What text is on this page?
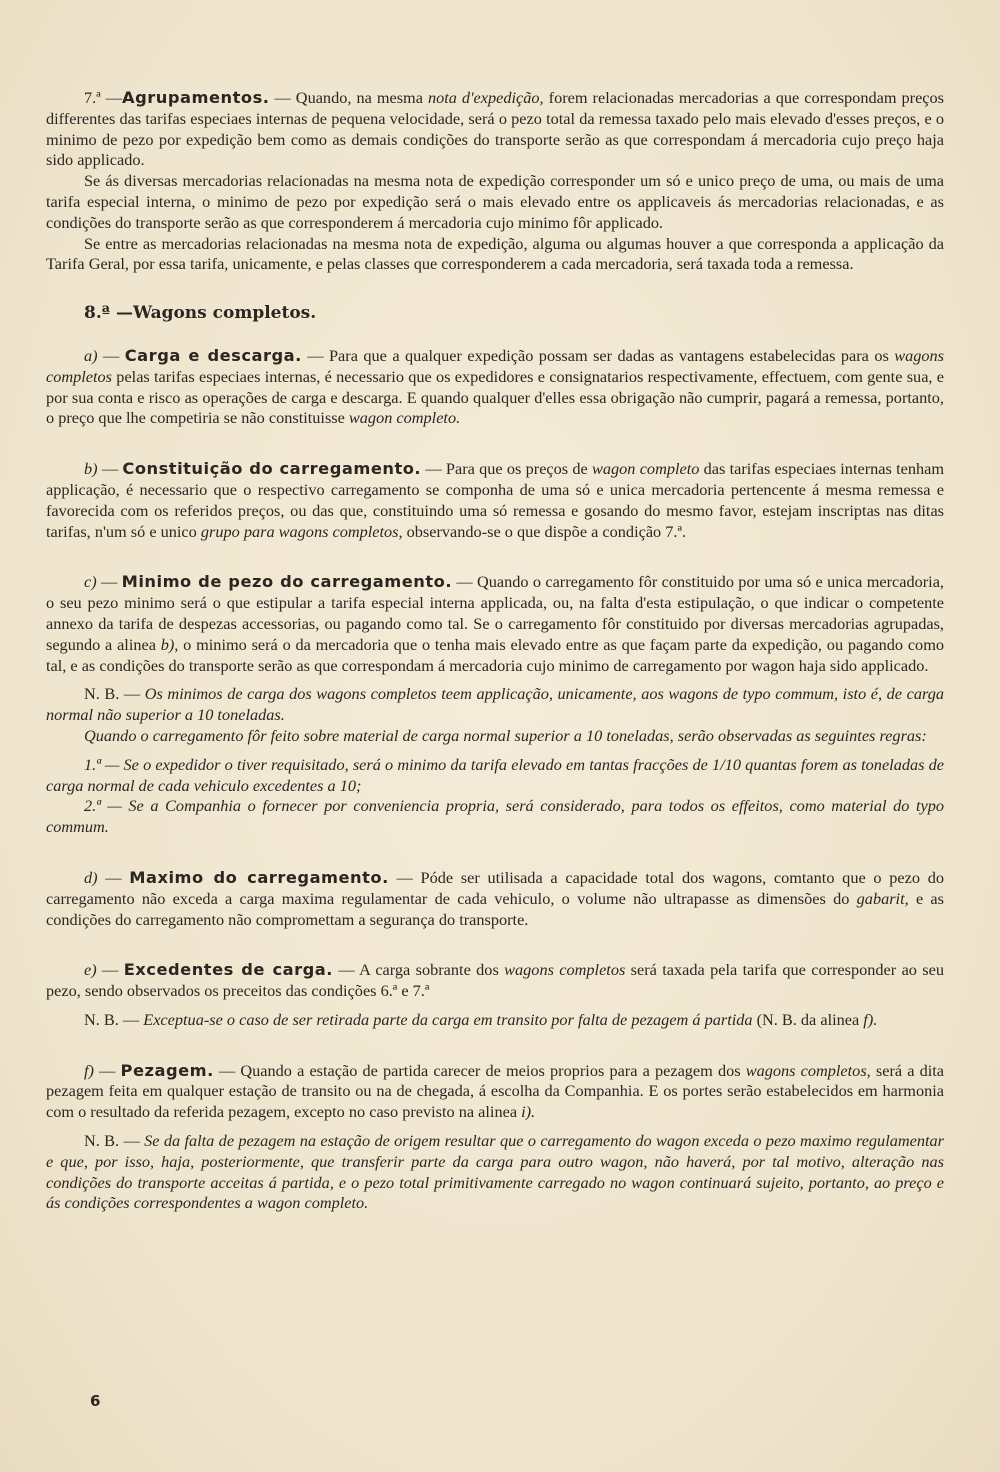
7.ª —Agrupamentos. — Quando, na mesma nota d'expedição, forem relacionadas mercadorias a que correspondam preços differentes das tarifas especiaes internas de pequena velocidade, será o pezo total da remessa taxado pelo mais elevado d'esses preços, e o minimo de pezo por expedição bem como as demais condições do transporte serão as que correspondam á mercadoria cujo preço haja sido applicado.

Se ás diversas mercadorias relacionadas na mesma nota de expedição corresponder um só e unico preço de uma, ou mais de uma tarifa especial interna, o minimo de pezo por expedição será o mais elevado entre os applicaveis ás mercadorias relacionadas, e as condições do transporte serão as que corresponderem á mercadoria cujo minimo fôr applicado.

Se entre as mercadorias relacionadas na mesma nota de expedição, alguma ou algumas houver a que corresponda a applicação da Tarifa Geral, por essa tarifa, unicamente, e pelas classes que corresponderem a cada mercadoria, será taxada toda a remessa.

8.ª —Wagons completos.

a) — Carga e descarga. — Para que a qualquer expedição possam ser dadas as vantagens estabelecidas para os wagons completos pelas tarifas especiaes internas, é necessario que os expedidores e consignatarios respectivamente, effectuem, com gente sua, e por sua conta e risco as operações de carga e descarga. E quando qualquer d'elles essa obrigação não cumprir, pagará a remessa, portanto, o preço que lhe competiria se não constituisse wagon completo.

b) — Constituição do carregamento. — Para que os preços de wagon completo das tarifas especiaes internas tenham applicação, é necessario que o respectivo carregamento se componha de uma só e unica mercadoria pertencente á mesma remessa e favorecida com os referidos preços, ou das que, constituindo uma só remessa e gosando do mesmo favor, estejam inscriptas nas ditas tarifas, n'um só e unico grupo para wagons completos, observando-se o que dispõe a condição 7.ª.

c) — Minimo de pezo do carregamento. — Quando o carregamento fôr constituido por uma só e unica mercadoria, o seu pezo minimo será o que estipular a tarifa especial interna applicada, ou, na falta d'esta estipulação, o que indicar o competente annexo da tarifa de despezas accessorias, ou pagando como tal. Se o carregamento fôr constituido por diversas mercadorias agrupadas, segundo a alinea b), o minimo será o da mercadoria que o tenha mais elevado entre as que façam parte da expedição, ou pagando como tal, e as condições do transporte serão as que correspondam á mercadoria cujo minimo de carregamento por wagon haja sido applicado.

N. B. — Os minimos de carga dos wagons completos teem applicação, unicamente, aos wagons de typo commum, isto é, de carga normal não superior a 10 toneladas.

Quando o carregamento fôr feito sobre material de carga normal superior a 10 toneladas, serão observadas as seguintes regras:

1.ª — Se o expedidor o tiver requisitado, será o minimo da tarifa elevado em tantas fracções de 1/10 quantas forem as toneladas de carga normal de cada vehiculo excedentes a 10;

2.ª — Se a Companhia o fornecer por conveniencia propria, será considerado, para todos os effeitos, como material do typo commum.

d) — Maximo do carregamento. — Póde ser utilisada a capacidade total dos wagons, comtanto que o pezo do carregamento não exceda a carga maxima regulamentar de cada vehiculo, o volume não ultrapasse as dimensões do gabarit, e as condições do carregamento não compromettam a segurança do transporte.

e) — Excedentes de carga. — A carga sobrante dos wagons completos será taxada pela tarifa que corresponder ao seu pezo, sendo observados os preceitos das condições 6.ª e 7.ª

N. B. — Exceptua-se o caso de ser retirada parte da carga em transito por falta de pezagem á partida (N. B. da alinea f).

f) — Pezagem. — Quando a estação de partida carecer de meios proprios para a pezagem dos wagons completos, será a dita pezagem feita em qualquer estação de transito ou na de chegada, á escolha da Companhia. E os portes serão estabelecidos em harmonia com o resultado da referida pezagem, excepto no caso previsto na alinea i).

N. B. — Se da falta de pezagem na estação de origem resultar que o carregamento do wagon exceda o pezo maximo regulamentar e que, por isso, haja, posteriormente, que transferir parte da carga para outro wagon, não haverá, por tal motivo, alteração nas condições do transporte acceitas á partida, e o pezo total primitivamente carregado no wagon continuará sujeito, portanto, ao preço e ás condições correspondentes a wagon completo.

6
